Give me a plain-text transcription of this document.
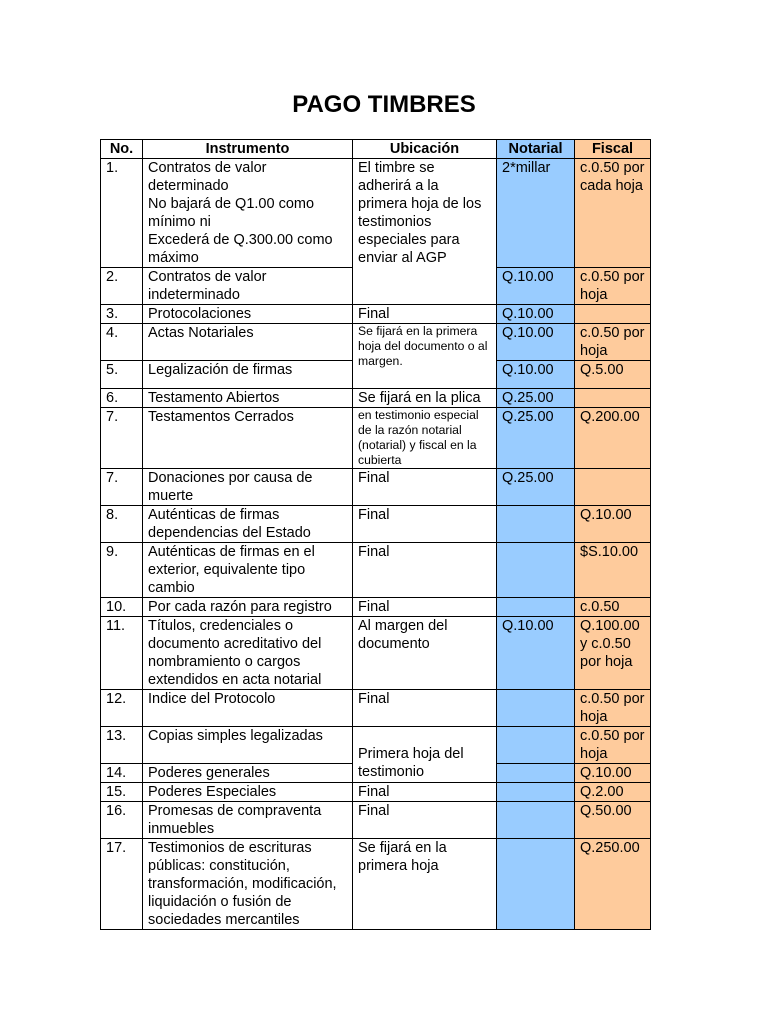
PAGO TIMBRES
No.	Instrumento	Ubicación	Notarial	Fiscal
1.	Contratos de valor determinado
No bajará de Q1.00 como mínimo ni
Excederá de Q.300.00 como máximo	El timbre se adherirá a la primera hoja de los testimonios especiales para enviar al AGP	2*millar	c.0.50 por cada hoja
2.	Contratos de valor indeterminado		Q.10.00	c.0.50 por hoja
3.	Protocolaciones	Final	Q.10.00	
4.	Actas Notariales	Se fijará en la primera hoja del documento o al margen.	Q.10.00	c.0.50 por hoja
5.	Legalización de firmas		Q.10.00	Q.5.00
6.	Testamento Abiertos	Se fijará en la plica	Q.25.00	
7.	Testamentos Cerrados	en testimonio especial de la razón notarial (notarial) y fiscal en la cubierta	Q.25.00	Q.200.00
7.	Donaciones por causa de muerte	Final	Q.25.00	
8.	Auténticas de firmas dependencias del Estado	Final		Q.10.00
9.	Auténticas de firmas en el exterior, equivalente tipo cambio	Final		$S.10.00
10.	Por cada razón para registro	Final		c.0.50
11.	Títulos, credenciales o documento acreditativo del nombramiento o cargos extendidos en acta notarial	Al margen del documento	Q.10.00	Q.100.00 y c.0.50 por hoja
12.	Indice del Protocolo	Final		c.0.50 por hoja
13.	Copias simples legalizadas	Primera hoja del testimonio		c.0.50 por hoja
14.	Poderes generales			Q.10.00
15.	Poderes Especiales	Final		Q.2.00
16.	Promesas de compraventa inmuebles	Final		Q.50.00
17.	Testimonios de escrituras públicas: constitución, transformación, modificación, liquidación o fusión de sociedades mercantiles	Se fijará en la primera hoja		Q.250.00
